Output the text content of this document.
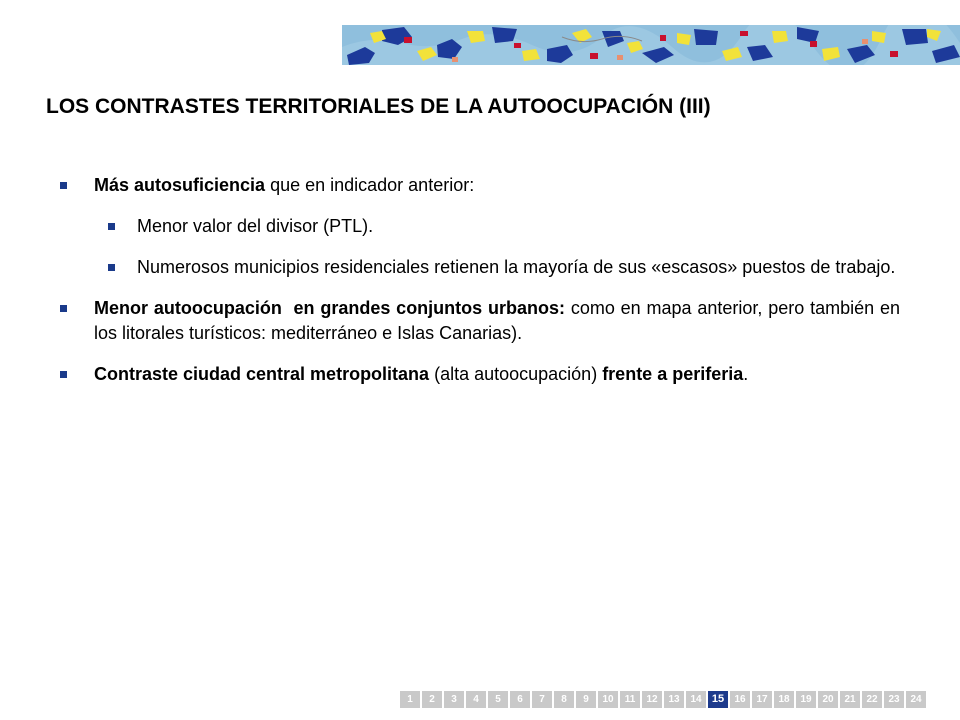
LOS CONTRASTES TERRITORIALES DE LA AUTOOCUPACIÓN (III)
Más autosuficiencia que en indicador anterior:
Menor valor del divisor (PTL).
Numerosos municipios residenciales retienen la mayoría de sus «escasos» puestos de trabajo.
Menor autoocupación  en grandes conjuntos urbanos: como en mapa anterior, pero también en los litorales turísticos: mediterráneo e Islas Canarias).
Contraste ciudad central metropolitana (alta autoocupación) frente a periferia.
1	2	3	4	5	6	7	8	9	10	11	12	13	14 15	16	17	18	19	20	21	22	23	24
